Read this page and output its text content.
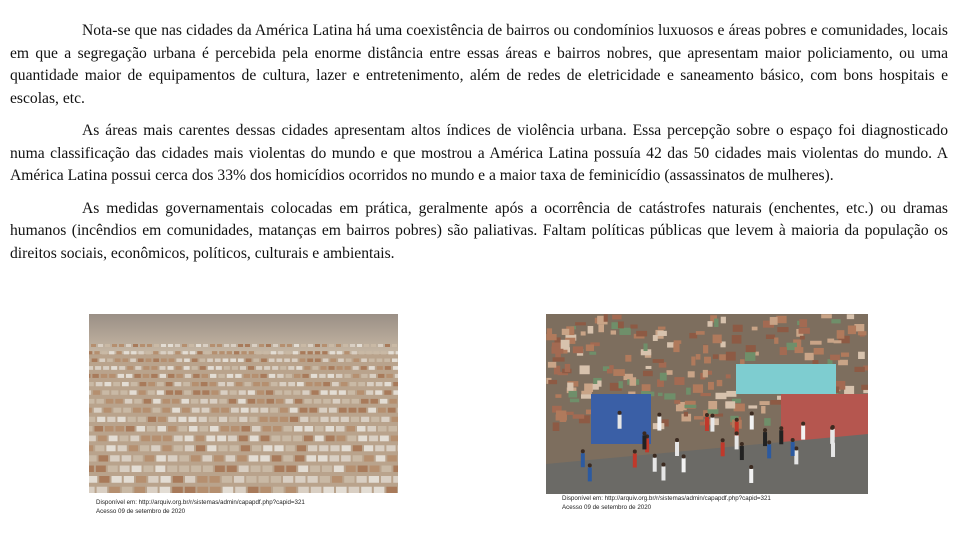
Nota-se que nas cidades da América Latina há uma coexistência de bairros ou condomínios luxuosos e áreas pobres e comunidades, locais em que a segregação urbana é percebida pela enorme distância entre essas áreas e bairros nobres, que apresentam maior policiamento, ou uma quantidade maior de equipamentos de cultura, lazer e entretenimento, além de redes de eletricidade e saneamento básico, com bons hospitais e escolas, etc.

As áreas mais carentes dessas cidades apresentam altos índices de violência urbana. Essa percepção sobre o espaço foi diagnosticado numa classificação das cidades mais violentas do mundo e que mostrou a América Latina possuía 42 das 50 cidades mais violentas do mundo. A América Latina possui cerca dos 33% dos homicídios ocorridos no mundo e a maior taxa de feminicídio (assassinatos de mulheres).

As medidas governamentais colocadas em prática, geralmente após a ocorrência de catástrofes naturais (enchentes, etc.) ou dramas humanos (incêndios em comunidades, matanças em bairros pobres) são paliativas. Faltam políticas públicas que levem à maioria da população os direitos sociais, econômicos, políticos, culturais e ambientais.

Disponível em: http://arquiv.org.br/r/sistemas/admin/capapdf.php?capid=321
Acesso 09 de setembro de 2020
Disponível em: http://arquiv.org.br/r/sistemas/admin/capapdf.php?capid=321
Acesso 09 de setembro de 2020
